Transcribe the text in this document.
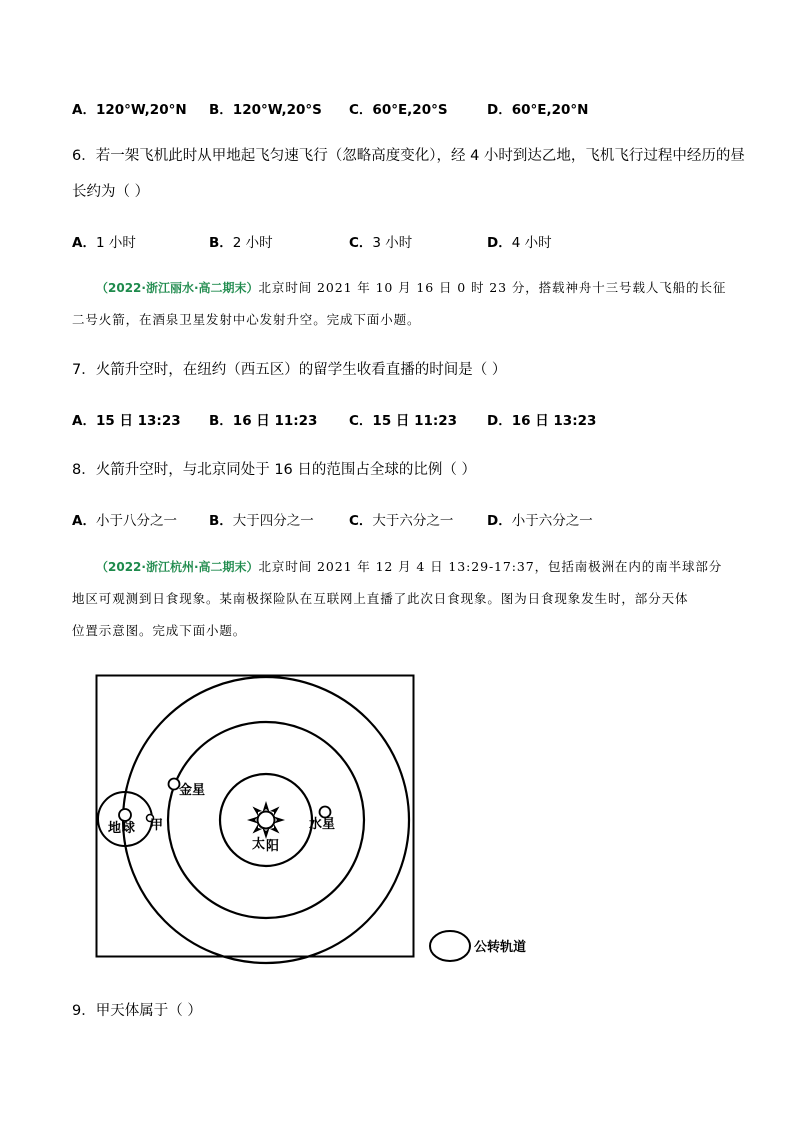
A．120°W,20°N B．120°W,20°S C．60°E,20°S	D．60°E,20°N
6．若一架飞机此时从甲地起飞匀速飞行（忽略高度变化），经 4 小时到达乙地，飞机飞行过程中经历的昼
长约为（ ）
A．1 小时	B．2 小时	C．3 小时	D．4 小时
（2022·浙江丽水·高二期末）北京时间 2021 年 10 月 16 日 0 时 23 分，搭载神舟十三号载人飞船的长征
二号火箭，在酒泉卫星发射中心发射升空。完成下面小题。
7．火箭升空时，在纽约（西五区）的留学生收看直播的时间是（ ）
A．15 日 13:23 B．16 日 11:23 C．15 日 11:23 D．16 日 13:23
8．火箭升空时，与北京同处于 16 日的范围占全球的比例（ ）
A．小于八分之一 B．大于四分之一	C．大于六分之一 D．小于六分之一
（2022·浙江杭州·高二期末）北京时间 2021 年 12 月 4 日 13:29-17:37，包括南极洲在内的南半球部分
地区可观测到日食现象。某南极探险队在互联网上直播了此次日食现象。图为日食现象发生时，部分天体
位置示意图。完成下面小题。
太 阳
水星
金星
地 球 甲
公转轨道
9．甲天体属于（ ）
